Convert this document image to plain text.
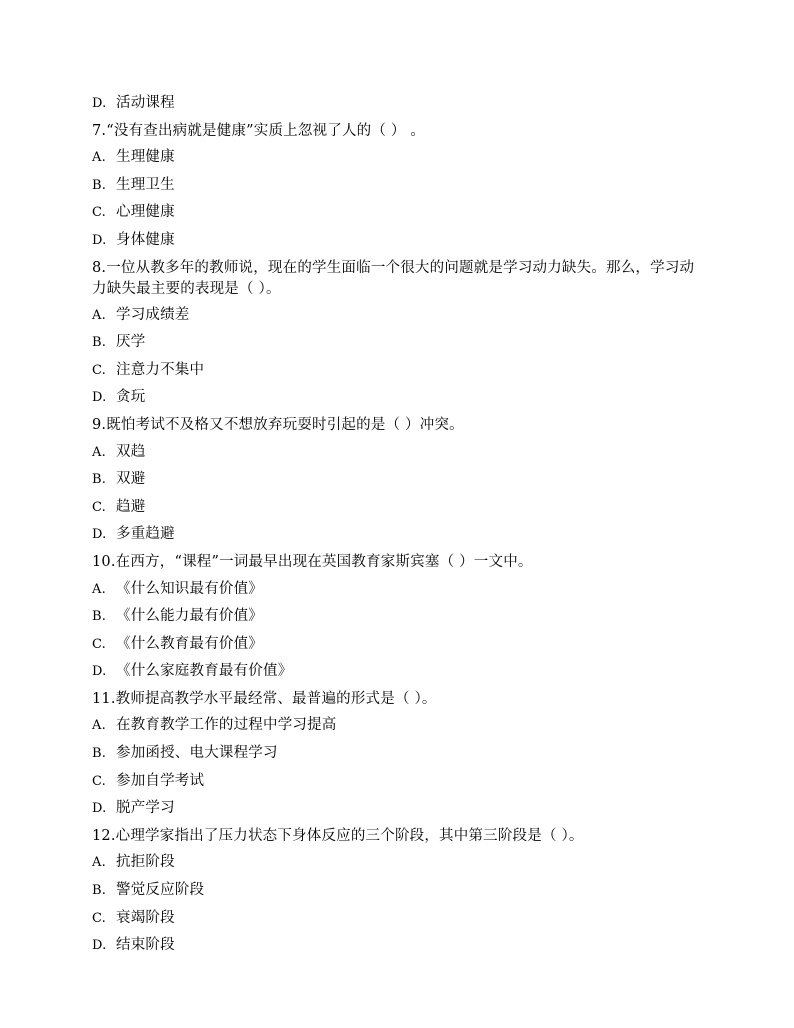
D. 活动课程
7.“没有查出病就是健康”实质上忽视了人的（ ） 。
A. 生理健康
B. 生理卫生
C. 心理健康
D. 身体健康
8.一位从教多年的教师说，现在的学生面临一个很大的问题就是学习动力缺失。那么，学习动力缺失最主要的表现是（ ）。
A. 学习成绩差
B. 厌学
C. 注意力不集中
D. 贪玩
9.既怕考试不及格又不想放弃玩耍时引起的是（ ）冲突。
A. 双趋
B. 双避
C. 趋避
D. 多重趋避
10.在西方，“课程”一词最早出现在英国教育家斯宾塞（ ）一文中。
A. 《什么知识最有价值》
B. 《什么能力最有价值》
C. 《什么教育最有价值》
D. 《什么家庭教育最有价值》
11.教师提高教学水平最经常、最普遍的形式是（ ）。
A. 在教育教学工作的过程中学习提高
B. 参加函授、电大课程学习
C. 参加自学考试
D. 脱产学习
12.心理学家指出了压力状态下身体反应的三个阶段，其中第三阶段是（ ）。
A. 抗拒阶段
B. 警觉反应阶段
C. 衰竭阶段
D. 结束阶段
